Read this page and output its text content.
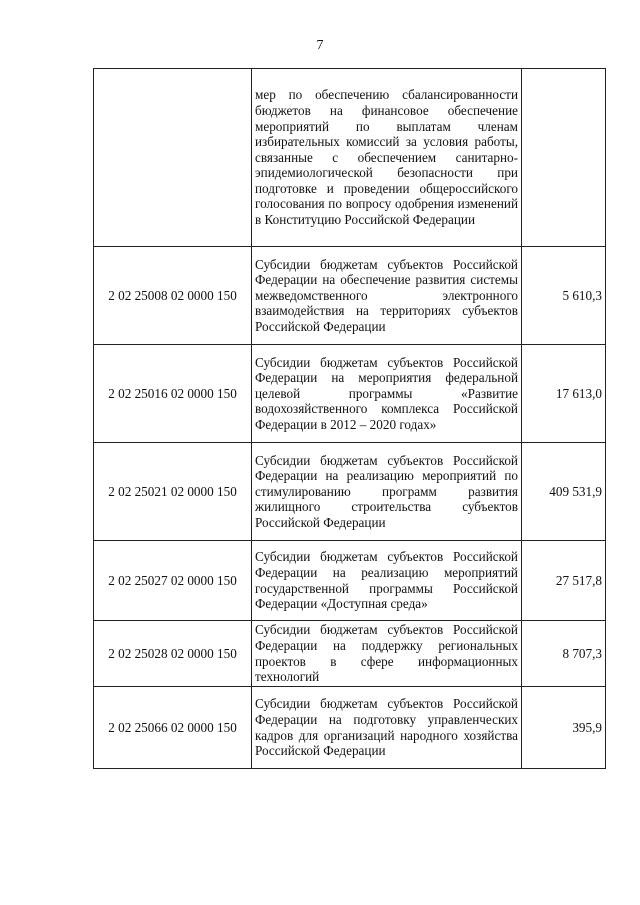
7
	мер по обеспечению сбалансированности бюджетов на финансовое обеспечение мероприятий по выплатам членам избирательных комиссий за условия работы, связанные с обеспечением санитарно-эпидемиологической безопасности при подготовке и проведении общероссийского голосования по вопросу одобрения изменений в Конституцию Российской Федерации	
2 02 25008 02 0000 150	Субсидии бюджетам субъектов Российской Федерации на обеспечение развития системы межведомственного электронного взаимодействия на территориях субъектов Российской Федерации	5 610,3
2 02 25016 02 0000 150	Субсидии бюджетам субъектов Российской Федерации на мероприятия федеральной целевой программы «Развитие водохозяйственного комплекса Российской Федерации в 2012 – 2020 годах»	17 613,0
2 02 25021 02 0000 150	Субсидии бюджетам субъектов Российской Федерации на реализацию мероприятий по стимулированию программ развития жилищного строительства субъектов Российской Федерации	409 531,9
2 02 25027 02 0000 150	Субсидии бюджетам субъектов Российской Федерации на реализацию мероприятий государственной программы Российской Федерации «Доступная среда»	27 517,8
2 02 25028 02 0000 150	Субсидии бюджетам субъектов Российской Федерации на поддержку региональных проектов в сфере информационных технологий	8 707,3
2 02 25066 02 0000 150	Субсидии бюджетам субъектов Российской Федерации на подготовку управленческих кадров для организаций народного хозяйства Российской Федерации	395,9
